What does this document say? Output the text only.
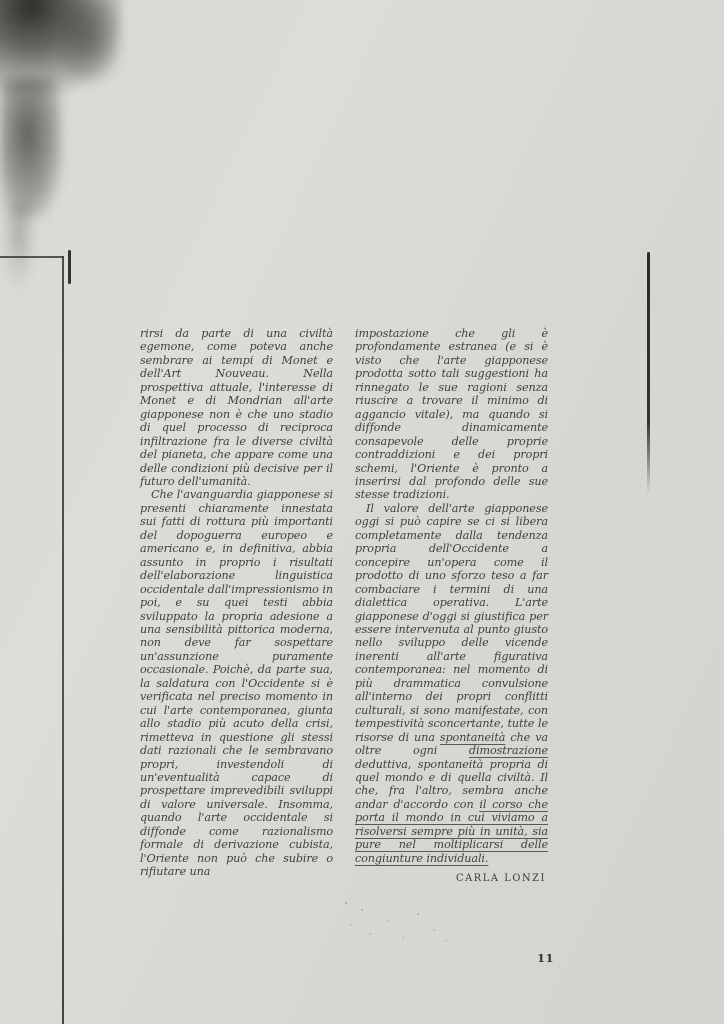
rirsi da parte di una civiltà egemone, come poteva anche sembrare ai tempi di Monet e dell'Art Nouveau. Nella prospettiva attuale, l'interesse di Monet e di Mondrian all'arte giapponese non è che uno stadio di quel processo di reciproca infiltrazione fra le diverse civiltà del pianeta, che appare come una delle condizioni più decisive per il futuro dell'umanità.

Che l'avanguardia giapponese si presenti chiaramente innestata sui fatti di rottura più importanti del dopoguerra europeo e americano e, in definitiva, abbia assunto in proprio i risultati dell'elaborazione linguistica occidentale dall'impressionismo in poi, e su quei testi abbia sviluppato la propria adesione a una sensibilità pittorica moderna, non deve far sospettare un'assunzione puramente occasionale. Poichè, da parte sua, la saldatura con l'Occidente si è verificata nel preciso momento in cui l'arte contemporanea, giunta allo stadio più acuto della crisi, rimetteva in questione gli stessi dati razionali che le sembravano propri, investendoli di un'eventualità capace di prospettare imprevedibili sviluppi di valore universale. Insomma, quando l'arte occidentale si diffonde come razionalismo formale di derivazione cubista, l'Oriente non può che subire o rifiutare una

impostazione che gli è profondamente estranea (e si è visto che l'arte giapponese prodotta sotto tali suggestioni ha rinnegato le sue ragioni senza riuscire a trovare il minimo di aggancio vitale), ma quando si diffonde dinamicamente consapevole delle proprie contraddizioni e dei propri schemi, l'Oriente è pronto a inserirsi dal profondo delle sue stesse tradizioni.

Il valore dell'arte giapponese oggi si può capire se ci si libera completamente dalla tendenza propria dell'Occidente a concepire un'opera come il prodotto di uno sforzo teso a far combaciare i termini di una dialettica operativa. L'arte giapponese d'oggi si giustifica per essere intervenuta al punto giusto nello sviluppo delle vicende inerenti all'arte figurativa contemporanea: nel momento di più drammatica convulsione all'interno dei propri conflitti culturali, si sono manifestate, con tempestività sconcertante, tutte le risorse di una spontaneità che va oltre ogni dimostrazione deduttiva, spontaneità propria di quel mondo e di quella civiltà. Il che, fra l'altro, sembra anche andar d'accordo con il corso che porta il mondo in cui viviamo a risolversi sempre più in unità, sia pure nel moltiplicarsi delle congiunture individuali.

CARLA LONZI

11
